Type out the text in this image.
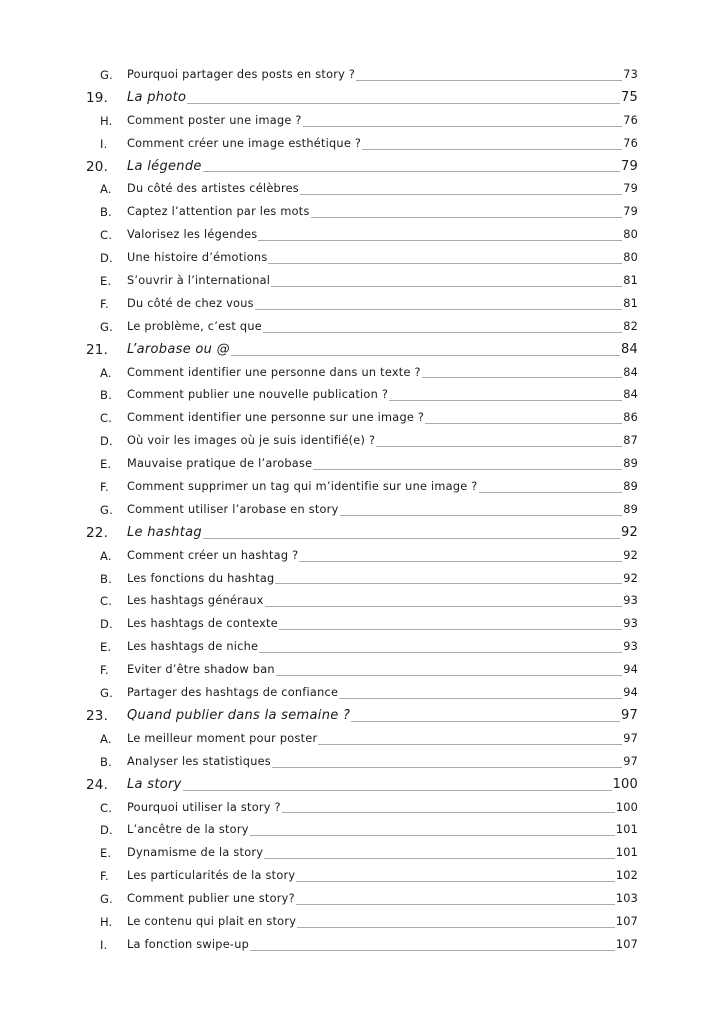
G. Pourquoi partager des posts en story ?	73
19. La photo	75
H. Comment poster une image ?	76
I. Comment créer une image esthétique ?	76
20. La légende	79
A. Du côté des artistes célèbres	79
B. Captez l’attention par les mots	79
C. Valorisez les légendes	80
D. Une histoire d’émotions	80
E. S’ouvrir à l’international	81
F. Du côté de chez vous	81
G. Le problème, c’est que	82
21. L’arobase ou @	84
A. Comment identifier une personne dans un texte ?	84
B. Comment publier une nouvelle publication ?	84
C. Comment identifier une personne sur une image ?	86
D. Où voir les images où je suis identifié(e) ?	87
E. Mauvaise pratique de l’arobase	89
F. Comment supprimer un tag qui m’identifie sur une image ?	89
G. Comment utiliser l’arobase en story	89
22. Le hashtag	92
A. Comment créer un hashtag ?	92
B. Les fonctions du hashtag	92
C. Les hashtags généraux	93
D. Les hashtags de contexte	93
E. Les hashtags de niche	93
F. Eviter d’être shadow ban	94
G. Partager des hashtags de confiance	94
23. Quand publier dans la semaine ?	97
A. Le meilleur moment pour poster	97
B. Analyser les statistiques	97
24. La story	100
C. Pourquoi utiliser la story ?	100
D. L’ancêtre de la story	101
E. Dynamisme de la story	101
F. Les particularités de la story	102
G. Comment publier une story?	103
H. Le contenu qui plait en story	107
I. La fonction swipe-up	107
